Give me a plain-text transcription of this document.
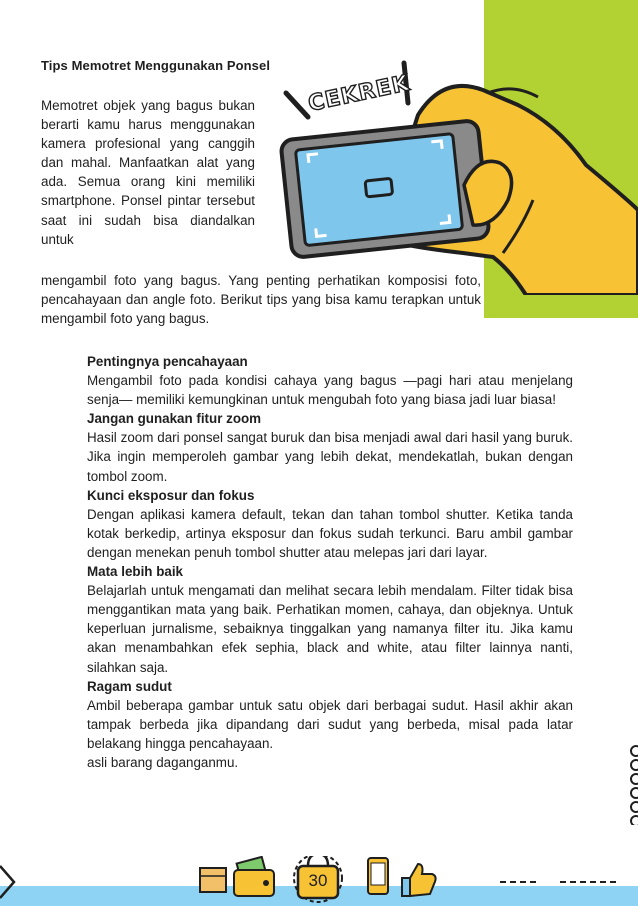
Tips Memotret Menggunakan Ponsel

Memotret objek yang bagus bukan berarti kamu harus menggunakan kamera profesional yang canggih dan mahal. Manfaatkan alat yang ada. Semua orang kini memiliki smartphone. Ponsel pintar tersebut saat ini sudah bisa diandalkan untuk

mengambil foto yang bagus. Yang penting perhatikan komposisi foto, pencahayaan dan angle foto. Berikut tips yang bisa kamu terapkan untuk mengambil foto yang bagus.

CEKREK

Pentingnya pencahayaan

Mengambil foto pada kondisi cahaya yang bagus —pagi hari atau menjelang senja— memiliki kemungkinan untuk mengubah foto yang biasa jadi luar biasa!

Jangan gunakan fitur zoom

Hasil zoom dari ponsel sangat buruk dan bisa menjadi awal dari hasil yang buruk. Jika ingin memperoleh gambar yang lebih dekat, mendekatlah, bukan dengan tombol zoom.

Kunci eksposur dan fokus

Dengan aplikasi kamera default, tekan dan tahan tombol shutter. Ketika tanda kotak berkedip, artinya eksposur dan fokus sudah terkunci. Baru ambil gambar dengan menekan penuh tombol shutter atau melepas jari dari layar.

Mata lebih baik

Belajarlah untuk mengamati dan melihat secara lebih mendalam. Filter tidak bisa menggantikan mata yang baik. Perhatikan momen, cahaya, dan objeknya. Untuk keperluan jurnalisme, sebaiknya tinggalkan yang namanya filter itu. Jika kamu akan menambahkan efek sephia, black and white, atau filter lainnya nanti, silahkan saja.

Ragam sudut

Ambil beberapa gambar untuk satu objek dari berbagai sudut. Hasil akhir akan tampak berbeda jika dipandang dari sudut yang berbeda, misal pada latar belakang hingga pencahayaan.

asli barang daganganmu.

30
